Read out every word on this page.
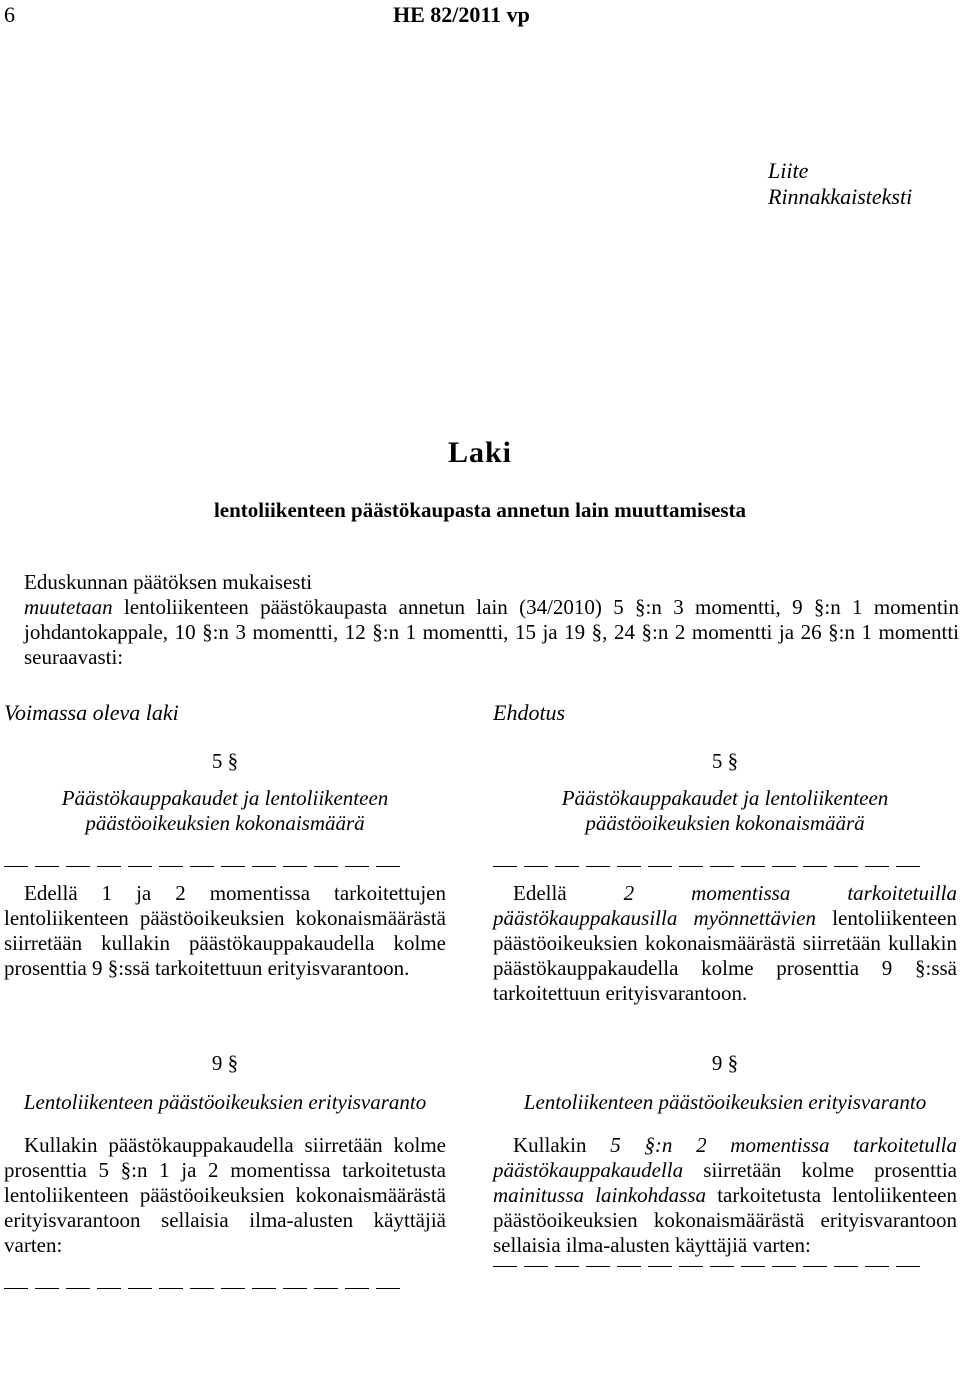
6	HE 82/2011 vp
Liite
Rinnakkaisteksti
Laki
lentoliikenteen päästökaupasta annetun lain muuttamisesta

Eduskunnan päätöksen mukaisesti

muutetaan lentoliikenteen päästökaupasta annetun lain (34/2010) 5 §:n 3 momentti, 9 §:n 1 momentin johdantokappale, 10 §:n 3 momentti, 12 §:n 1 momentti, 15 ja 19 §, 24 §:n 2 momentti ja 26 §:n 1 momentti seuraavasti:

Voimassa oleva laki
5 §
Päästökauppakaudet ja lentoliikenteen päästöoikeuksien kokonaismäärä

Edellä 1 ja 2 momentissa tarkoitettujen lentoliikenteen päästöoikeuksien kokonaismäärästä siirretään kullakin päästökauppakaudella kolme prosenttia 9 §:ssä tarkoitettuun erityisvarantoon.

9 §
Lentoliikenteen päästöoikeuksien erityisvaranto

Kullakin päästökauppakaudella siirretään kolme prosenttia 5 §:n 1 ja 2 momentissa tarkoitetusta lentoliikenteen päästöoikeuksien kokonaismäärästä erityisvarantoon sellaisia ilma-alusten käyttäjiä varten:

Ehdotus
5 §
Päästökauppakaudet ja lentoliikenteen päästöoikeuksien kokonaismäärä

Edellä 2 momentissa tarkoitetuilla päästökauppakausilla myönnettävien lentoliikenteen päästöoikeuksien kokonaismäärästä siirretään kullakin päästökauppakaudella kolme prosenttia 9 §:ssä tarkoitettuun erityisvarantoon.

9 §
Lentoliikenteen päästöoikeuksien erityisvaranto

Kullakin 5 §:n 2 momentissa tarkoitetulla päästökauppakaudella siirretään kolme prosenttia mainitussa lainkohdassa tarkoitetusta lentoliikenteen päästöoikeuksien kokonaismäärästä erityisvarantoon sellaisia ilma-alusten käyttäjiä varten:
